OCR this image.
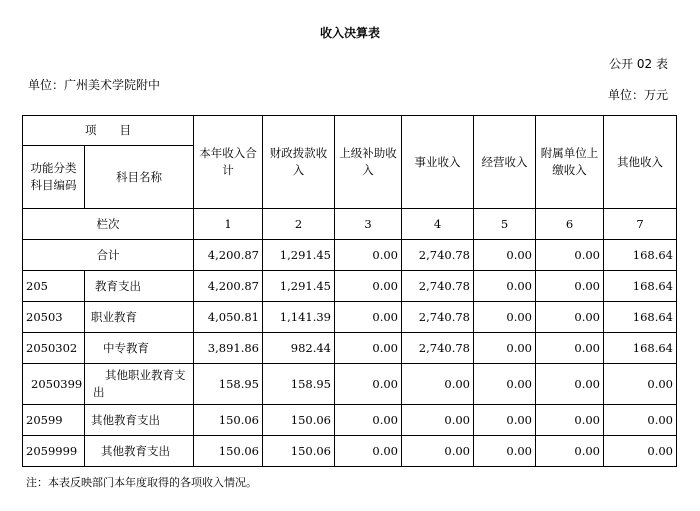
收入决算表
公开 02 表
单位：广州美术学院附中
单位：万元
项　　目		本年收入合计	财政拨款收入	上级补助收入	事业收入	经营收入	附属单位上缴收入	其他收入
功能分类科目编码	科目名称							
栏次		1	2	3	4	5	6	7
合计		4,200.87	1,291.45	0.00	2,740.78	0.00	0.00	168.64
205	教育支出	4,200.87	1,291.45	0.00	2,740.78	0.00	0.00	168.64
20503	职业教育	4,050.81	1,141.39	0.00	2,740.78	0.00	0.00	168.64
2050302	中专教育	3,891.86	982.44	0.00	2,740.78	0.00	0.00	168.64
2050399	其他职业教育支出	158.95	158.95	0.00	0.00	0.00	0.00	0.00
20599	其他教育支出	150.06	150.06	0.00	0.00	0.00	0.00	0.00
2059999	其他教育支出	150.06	150.06	0.00	0.00	0.00	0.00	0.00
注：本表反映部门本年度取得的各项收入情况。
